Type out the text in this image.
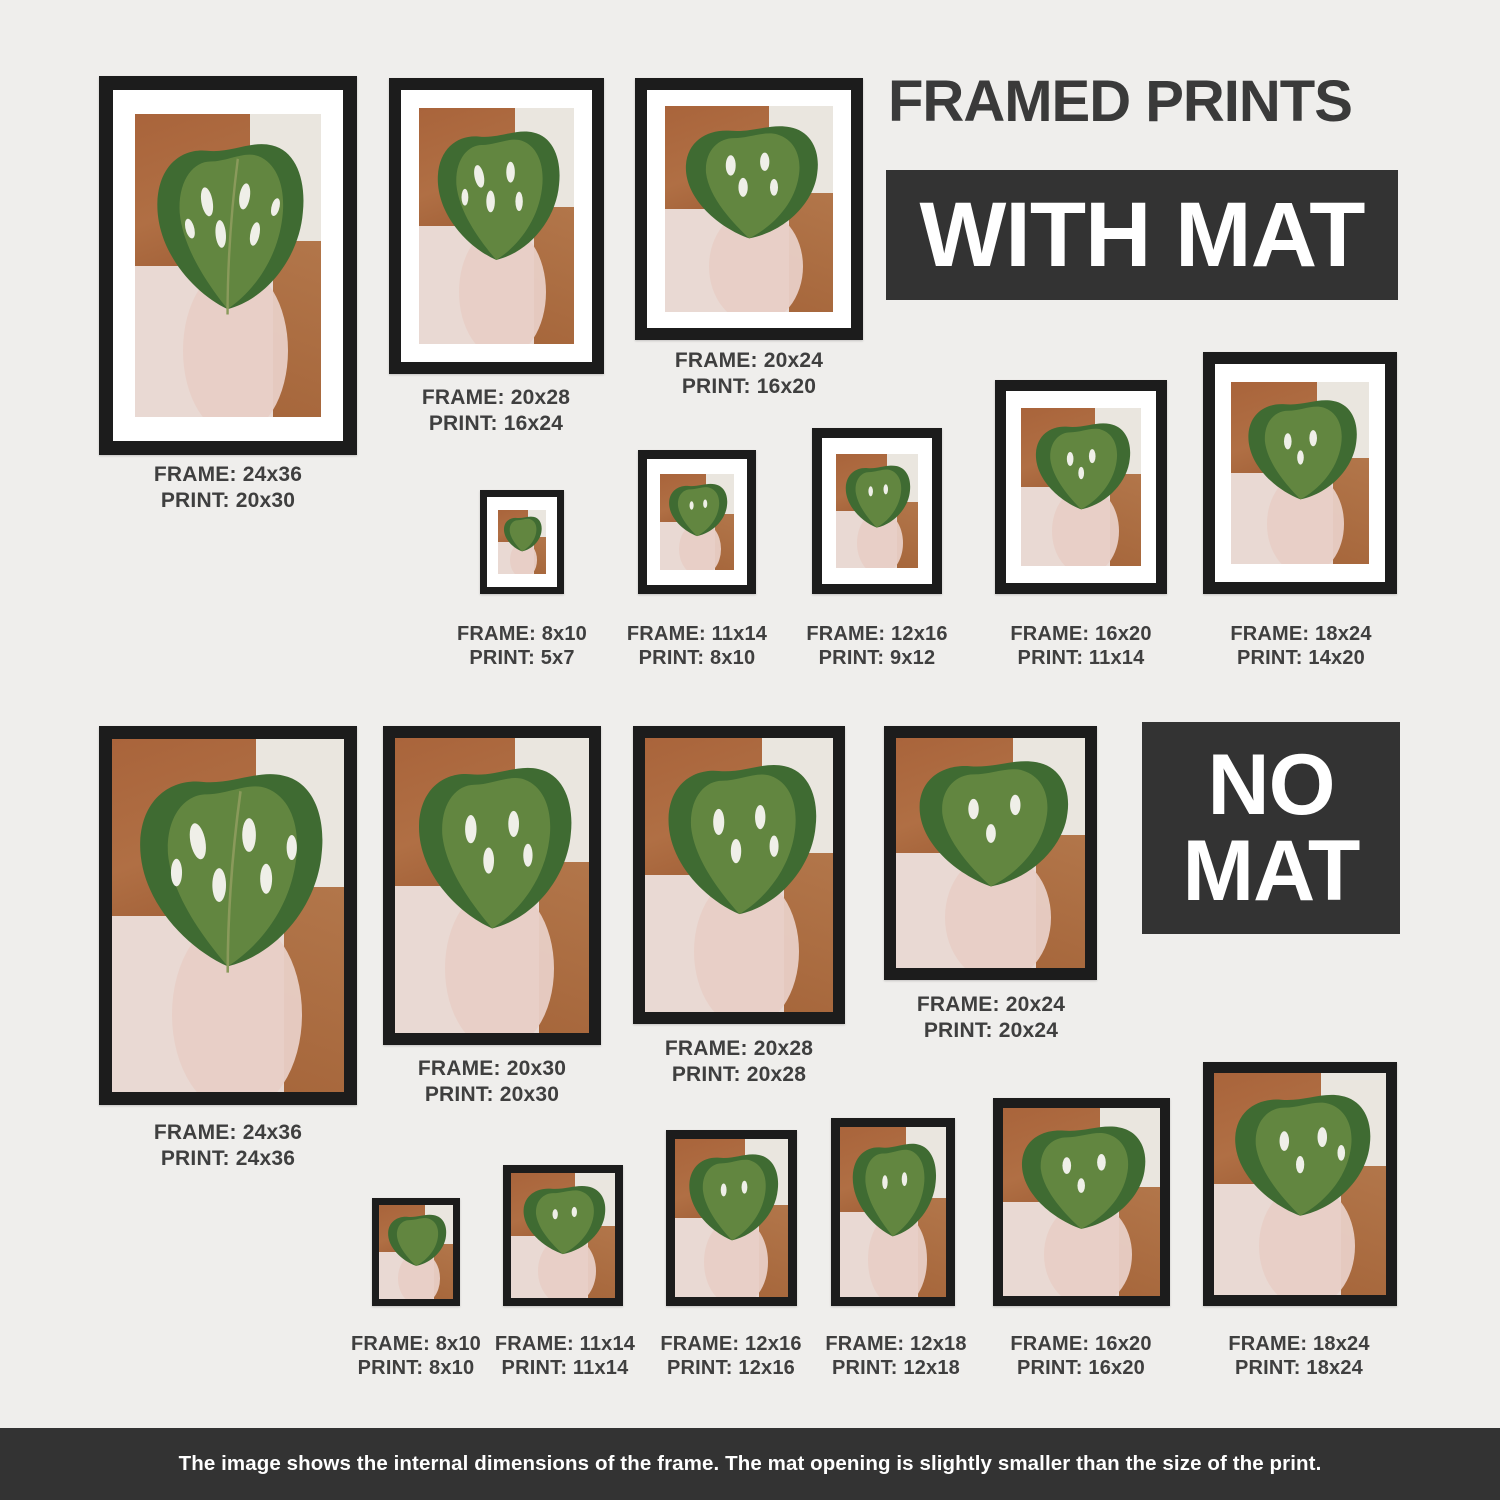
FRAMED PRINTS
WITH MAT
NO
MAT
FRAME: 24x36
PRINT: 20x30
FRAME: 20x28
PRINT: 16x24
FRAME: 20x24
PRINT: 16x20
FRAME: 8x10
PRINT: 5x7
FRAME: 11x14
PRINT: 8x10
FRAME: 12x16
PRINT: 9x12
FRAME: 16x20
PRINT: 11x14
FRAME: 18x24
PRINT: 14x20
FRAME: 24x36
PRINT: 24x36
FRAME: 20x30
PRINT: 20x30
FRAME: 20x28
PRINT: 20x28
FRAME: 20x24
PRINT: 20x24
FRAME: 8x10
PRINT: 8x10
FRAME: 11x14
PRINT: 11x14
FRAME: 12x16
PRINT: 12x16
FRAME: 12x18
PRINT: 12x18
FRAME: 16x20
PRINT: 16x20
FRAME: 18x24
PRINT: 18x24
The image shows the internal dimensions of the frame. The mat opening is slightly smaller than the size of the print.
